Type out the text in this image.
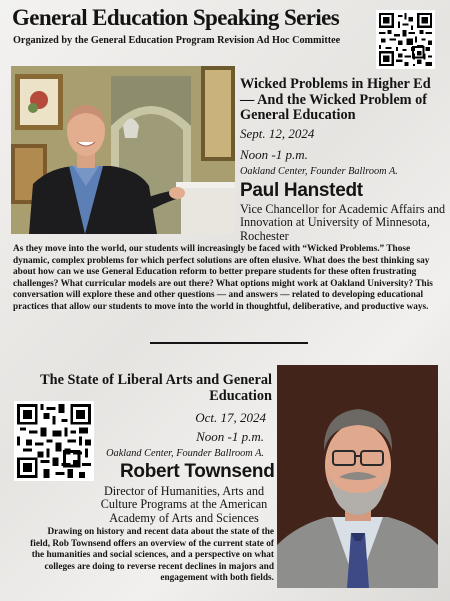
General Education Speaking Series
Organized by the General Education Program Revision Ad Hoc Committee
Wicked Problems in Higher Ed — And the Wicked Problem of General Education
Sept. 12, 2024
Noon -1 p.m.
Oakland Center, Founder Ballroom A.
Paul Hanstedt
Vice Chancellor for Academic Affairs and Innovation at University of Minnesota, Rochester
As they move into the world, our students will increasingly be faced with “Wicked Problems.” Those dynamic, complex problems for which perfect solutions are often elusive. What does the best thinking say about how can we use General Education reform to better prepare students for these often frustrating challenges? What curricular models are out there? What options might work at Oakland University? This conversation will explore these and other questions — and answers — related to developing educational practices that allow our students to move into the world in thoughtful, deliberative, and productive ways.
The State of Liberal Arts and General Education
Oct. 17, 2024
Noon -1 p.m.
Oakland Center, Founder Ballroom A.
Robert Townsend
Director of Humanities, Arts and Culture Programs at the American Academy of Arts and Sciences
Drawing on history and recent data about the state of the field, Rob Townsend offers an overview of the current state of the humanities and social sciences, and a perspective on what colleges are doing to reverse recent declines in majors and engagement with both fields.
